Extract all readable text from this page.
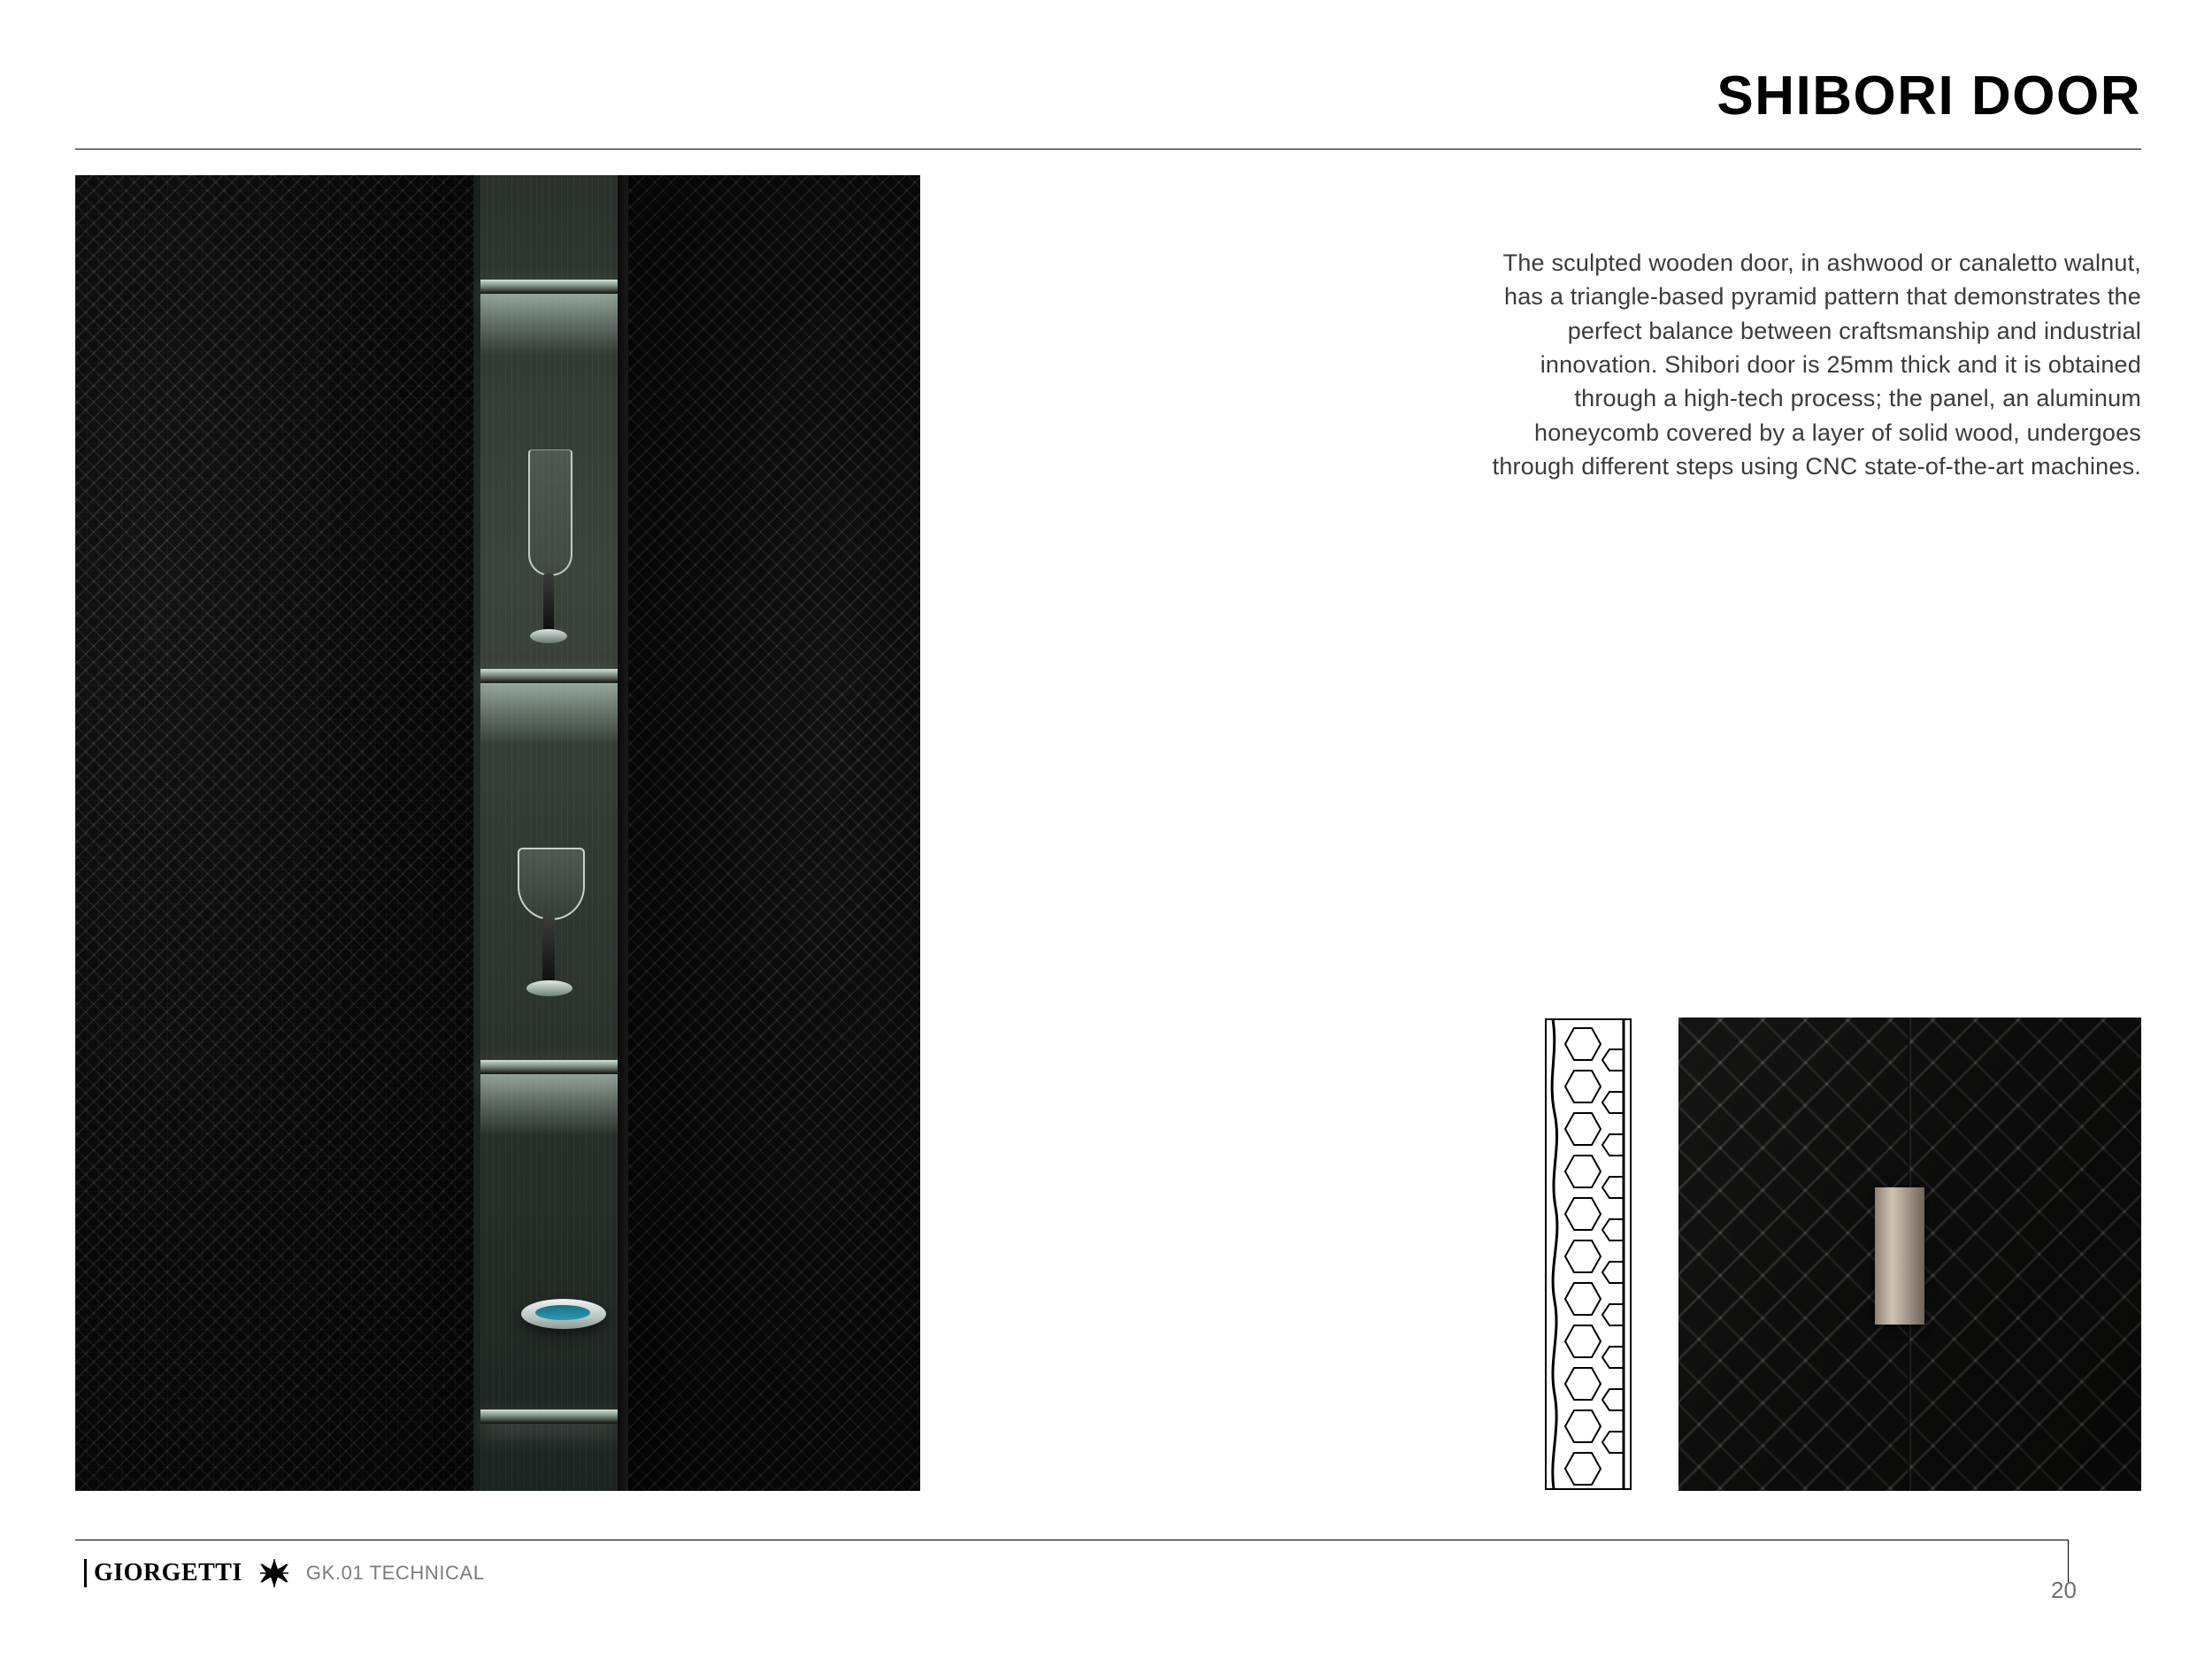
SHIBORI DOOR
The sculpted wooden door, in ashwood or canaletto walnut, has a triangle-based pyramid pattern that demonstrates the perfect balance between craftsmanship and industrial innovation. Shibori door is 25mm thick and it is obtained through a high-tech process; the panel, an aluminum honeycomb covered by a layer of solid wood, undergoes through different steps using CNC state-of-the-art machines.
GIORGETTI	GK.01 TECHNICAL
20
